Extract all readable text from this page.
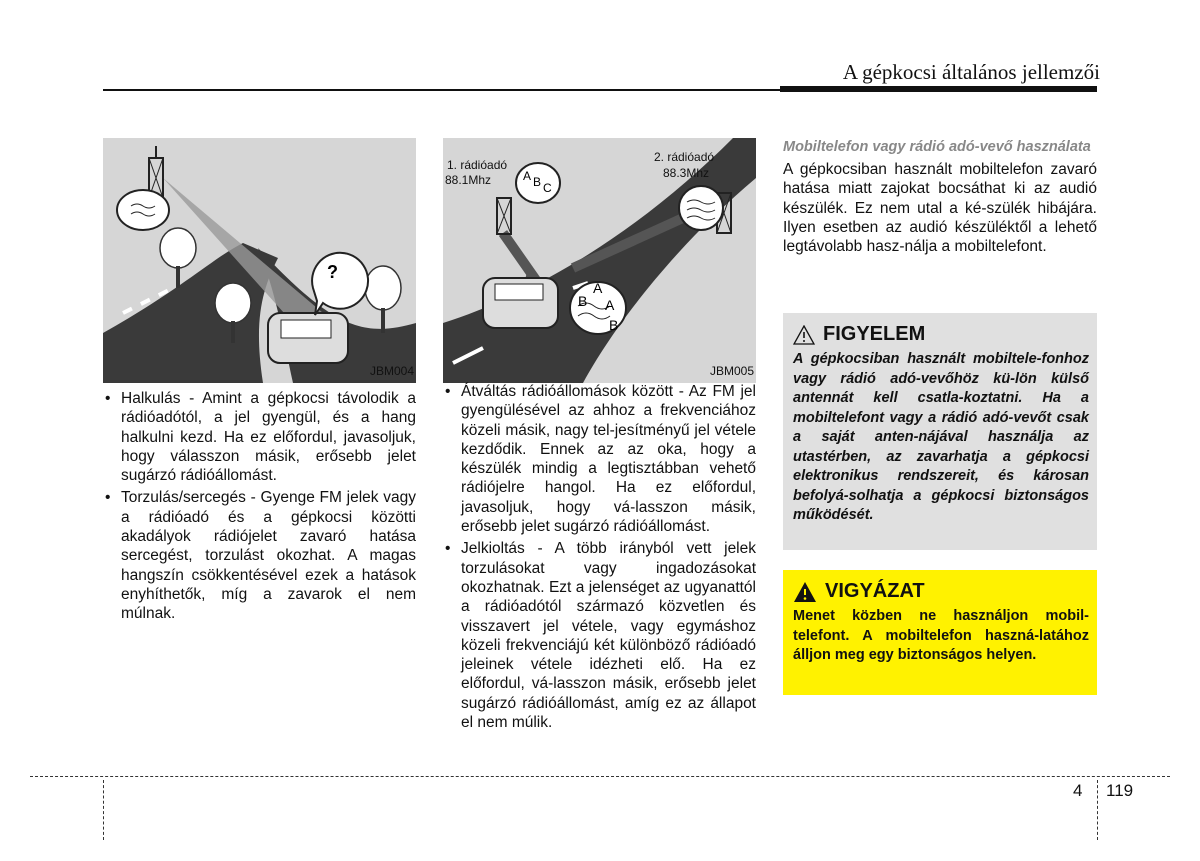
A gépkocsi általános jellemzői
?
JBM004
A B C
A
B A
B
1. rádióadó
88.1Mhz
2. rádióadó
88.3Mhz
JBM005
• Halkulás - Amint a gépkocsi távolodik a rádióadótól, a jel gyengül, és a hang halkulni kezd. Ha ez előfordul, javasoljuk, hogy válasszon másik, erősebb jelet sugárzó rádióállomást.
• Torzulás/sercegés - Gyenge FM jelek vagy a rádióadó és a gépkocsi közötti akadályok rádiójelet zavaró hatása sercegést, torzulást okozhat. A magas hangszín csökkentésével ezek a hatások enyhíthetők, míg a zavarok el nem múlnak.
• Átváltás rádióállomások között - Az FM jel gyengülésével az ahhoz a frekvenciához közeli másik, nagy tel-jesítményű jel vétele kezdődik. Ennek az az oka, hogy a készülék mindig a legtisztábban vehető rádiójelre hangol. Ha ez előfordul, javasoljuk, hogy vá-lasszon másik, erősebb jelet sugárzó rádióállomást.
• Jelkioltás - A több irányból vett jelek torzulásokat vagy ingadozásokat okozhatnak. Ezt a jelenséget az ugyanattól a rádióadótól származó közvetlen és visszavert jel vétele, vagy egymáshoz közeli frekvenciájú két különböző rádióadó jeleinek vétele idézheti elő. Ha ez előfordul, vá-lasszon másik, erősebb jelet sugárzó rádióállomást, amíg ez az állapot el nem múlik.
Mobiltelefon vagy rádió adó-vevő használata
A gépkocsiban használt mobiltelefon zavaró hatása miatt zajokat bocsáthat ki az audió készülék. Ez nem utal a ké-szülék hibájára. Ilyen esetben az audió készüléktől a lehető legtávolabb hasz-nálja a mobiltelefont.
FIGYELEM
A gépkocsiban használt mobiltele-fonhoz vagy rádió adó-vevőhöz kü-lön külső antennát kell csatla-koztatni. Ha a mobiltelefont vagy a rádió adó-vevőt csak a saját anten-nájával használja az utastérben, az zavarhatja a gépkocsi elektronikus rendszereit, és károsan befolyá-solhatja a gépkocsi biztonságos működését.
VIGYÁZAT
Menet közben ne használjon mobil-telefont. A mobiltelefon haszná-latához álljon meg egy biztonságos helyen.
4 119
